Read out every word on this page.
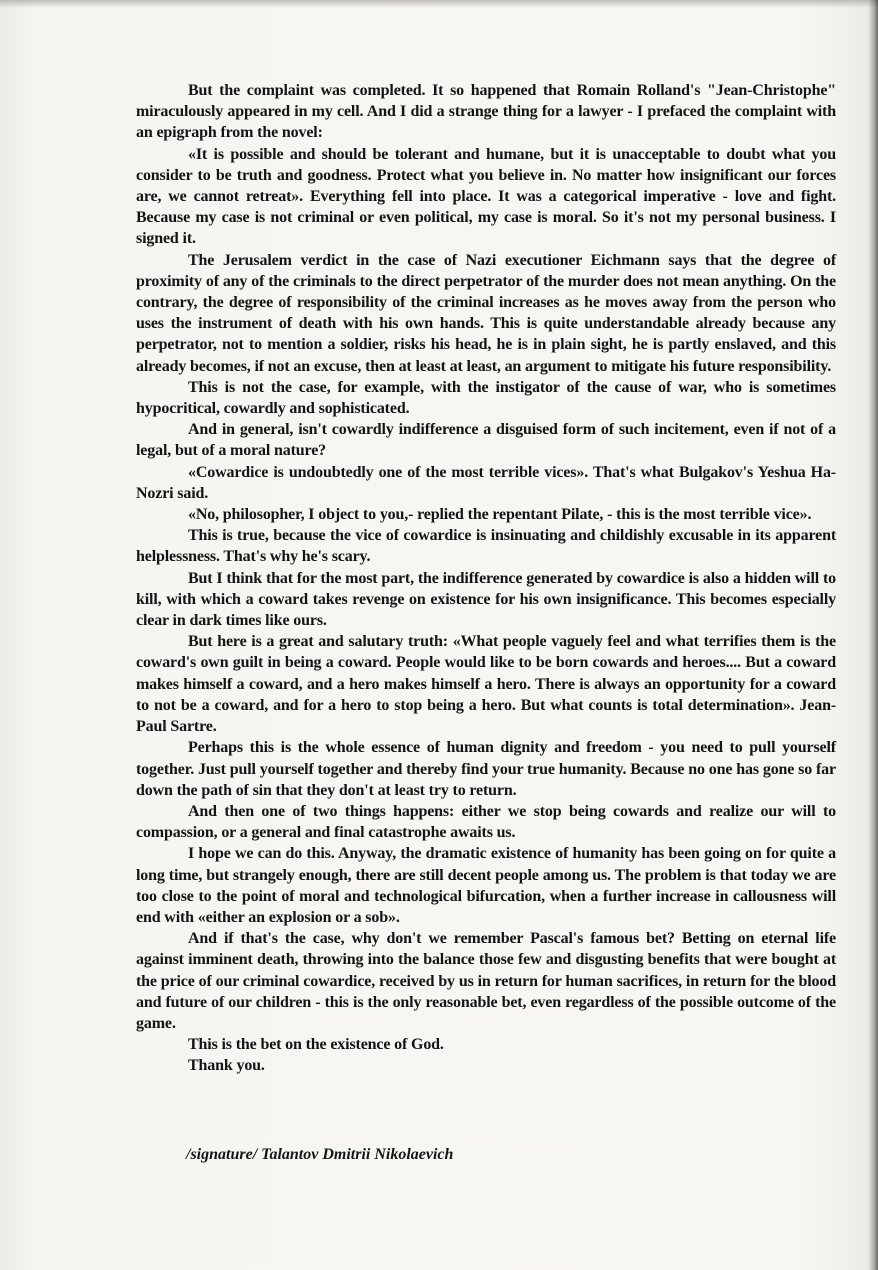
But the complaint was completed. It so happened that Romain Rolland's "Jean-Christophe" miraculously appeared in my cell. And I did a strange thing for a lawyer - I prefaced the complaint with an epigraph from the novel:

«It is possible and should be tolerant and humane, but it is unacceptable to doubt what you consider to be truth and goodness. Protect what you believe in. No matter how insignificant our forces are, we cannot retreat». Everything fell into place. It was a categorical imperative - love and fight. Because my case is not criminal or even political, my case is moral. So it's not my personal business. I signed it.

The Jerusalem verdict in the case of Nazi executioner Eichmann says that the degree of proximity of any of the criminals to the direct perpetrator of the murder does not mean anything. On the contrary, the degree of responsibility of the criminal increases as he moves away from the person who uses the instrument of death with his own hands. This is quite understandable already because any perpetrator, not to mention a soldier, risks his head, he is in plain sight, he is partly enslaved, and this already becomes, if not an excuse, then at least at least, an argument to mitigate his future responsibility.

This is not the case, for example, with the instigator of the cause of war, who is sometimes hypocritical, cowardly and sophisticated.

And in general, isn't cowardly indifference a disguised form of such incitement, even if not of a legal, but of a moral nature?

«Cowardice is undoubtedly one of the most terrible vices». That's what Bulgakov's Yeshua Ha-Nozri said.

«No, philosopher, I object to you,- replied the repentant Pilate, - this is the most terrible vice».

This is true, because the vice of cowardice is insinuating and childishly excusable in its apparent helplessness. That's why he's scary.

But I think that for the most part, the indifference generated by cowardice is also a hidden will to kill, with which a coward takes revenge on existence for his own insignificance. This becomes especially clear in dark times like ours.

But here is a great and salutary truth: «What people vaguely feel and what terrifies them is the coward's own guilt in being a coward. People would like to be born cowards and heroes.... But a coward makes himself a coward, and a hero makes himself a hero. There is always an opportunity for a coward to not be a coward, and for a hero to stop being a hero. But what counts is total determination». Jean-Paul Sartre.

Perhaps this is the whole essence of human dignity and freedom - you need to pull yourself together. Just pull yourself together and thereby find your true humanity. Because no one has gone so far down the path of sin that they don't at least try to return.

And then one of two things happens: either we stop being cowards and realize our will to compassion, or a general and final catastrophe awaits us.

I hope we can do this. Anyway, the dramatic existence of humanity has been going on for quite a long time, but strangely enough, there are still decent people among us. The problem is that today we are too close to the point of moral and technological bifurcation, when a further increase in callousness will end with «either an explosion or a sob».

And if that's the case, why don't we remember Pascal's famous bet? Betting on eternal life against imminent death, throwing into the balance those few and disgusting benefits that were bought at the price of our criminal cowardice, received by us in return for human sacrifices, in return for the blood and future of our children - this is the only reasonable bet, even regardless of the possible outcome of the game.

This is the bet on the existence of God.

Thank you.

/signature/ Talantov Dmitrii Nikolaevich
